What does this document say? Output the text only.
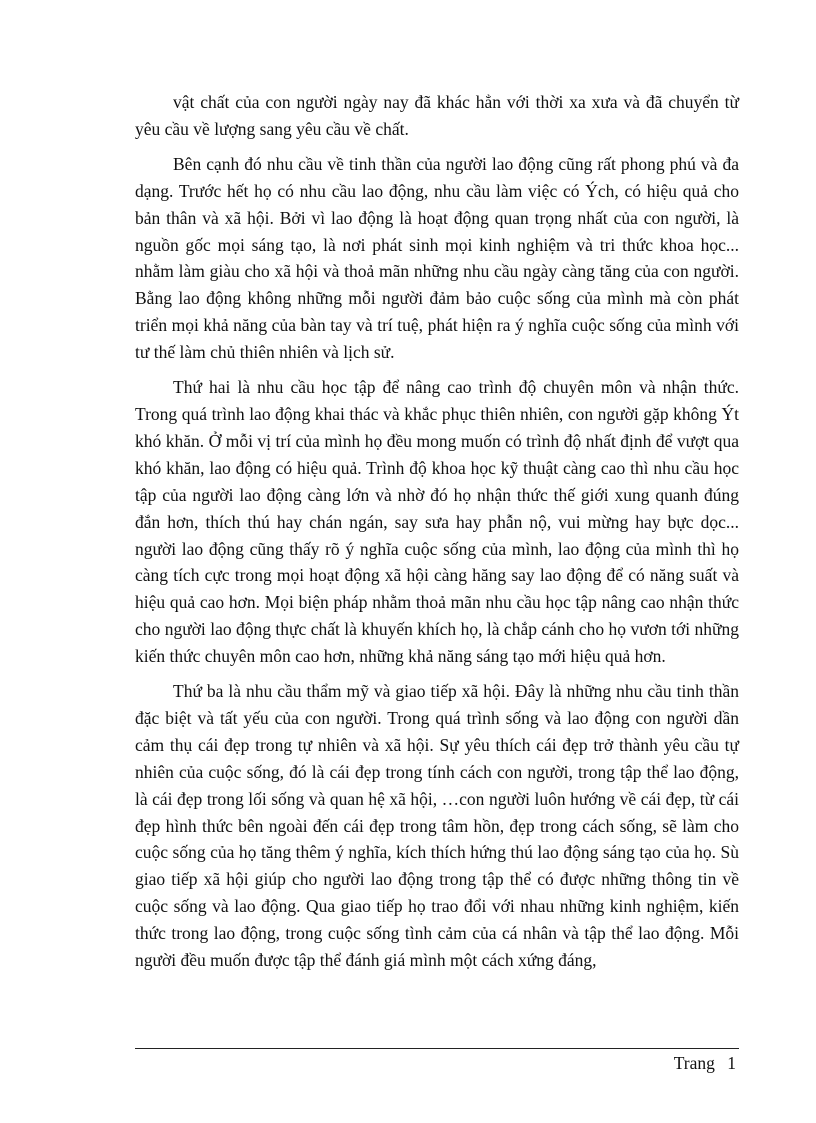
vật chất của con người ngày nay đã khác hẳn với thời xa xưa và đã chuyển từ yêu cầu về lượng sang yêu cầu về chất.

Bên cạnh đó nhu cầu về tinh thần của người lao động cũng rất phong phú và đa dạng. Trước hết họ có nhu cầu lao động, nhu cầu làm việc có Ých, có hiệu quả cho bản thân và xã hội. Bởi vì lao động là hoạt động quan trọng nhất của con người, là nguồn gốc mọi sáng tạo, là nơi phát sinh mọi kinh nghiệm và tri thức khoa học... nhằm làm giàu cho xã hội và thoả mãn những nhu cầu ngày càng tăng của con người. Bằng lao động không những mỗi người đảm bảo cuộc sống của mình mà còn phát triển mọi khả năng của bàn tay và trí tuệ, phát hiện ra ý nghĩa cuộc sống của mình với tư thế làm chủ thiên nhiên và lịch sử.

Thứ hai là nhu cầu học tập để nâng cao trình độ chuyên môn và nhận thức. Trong quá trình lao động khai thác và khắc phục thiên nhiên, con người gặp không Ýt khó khăn. Ở mỗi vị trí của mình họ đều mong muốn có trình độ nhất định để vượt qua khó khăn, lao động có hiệu quả. Trình độ khoa học kỹ thuật càng cao thì nhu cầu học tập của người lao động càng lớn và nhờ đó họ nhận thức thế giới xung quanh đúng đắn hơn, thích thú hay chán ngán, say sưa hay phẫn nộ, vui mừng hay bực dọc... người lao động cũng thấy rõ ý nghĩa cuộc sống của mình, lao động của mình thì họ càng tích cực trong mọi hoạt động xã hội càng hăng say lao động để có năng suất và hiệu quả cao hơn. Mọi biện pháp nhằm thoả mãn nhu cầu học tập nâng cao nhận thức cho người lao động thực chất là khuyến khích họ, là chắp cánh cho họ vươn tới những kiến thức chuyên môn cao hơn, những khả năng sáng tạo mới hiệu quả hơn.

Thứ ba là nhu cầu thẩm mỹ và giao tiếp xã hội. Đây là những nhu cầu tinh thần đặc biệt và tất yếu của con người. Trong quá trình sống và lao động con người dần cảm thụ cái đẹp trong tự nhiên và xã hội. Sự yêu thích cái đẹp trở thành yêu cầu tự nhiên của cuộc sống, đó là cái đẹp trong tính cách con người, trong tập thể lao động, là cái đẹp trong lối sống và quan hệ xã hội, …con người luôn hướng về cái đẹp, từ cái đẹp hình thức bên ngoài đến cái đẹp trong tâm hồn, đẹp trong cách sống, sẽ làm cho cuộc sống của họ tăng thêm ý nghĩa, kích thích hứng thú lao động sáng tạo của họ. Sù giao tiếp xã hội giúp cho người lao động trong tập thể có được những thông tin về cuộc sống và lao động. Qua giao tiếp họ trao đổi với nhau những kinh nghiệm, kiến thức trong lao động, trong cuộc sống tình cảm của cá nhân và tập thể lao động. Mỗi người đều muốn được tập thể đánh giá mình một cách xứng đáng,

Trang 1
